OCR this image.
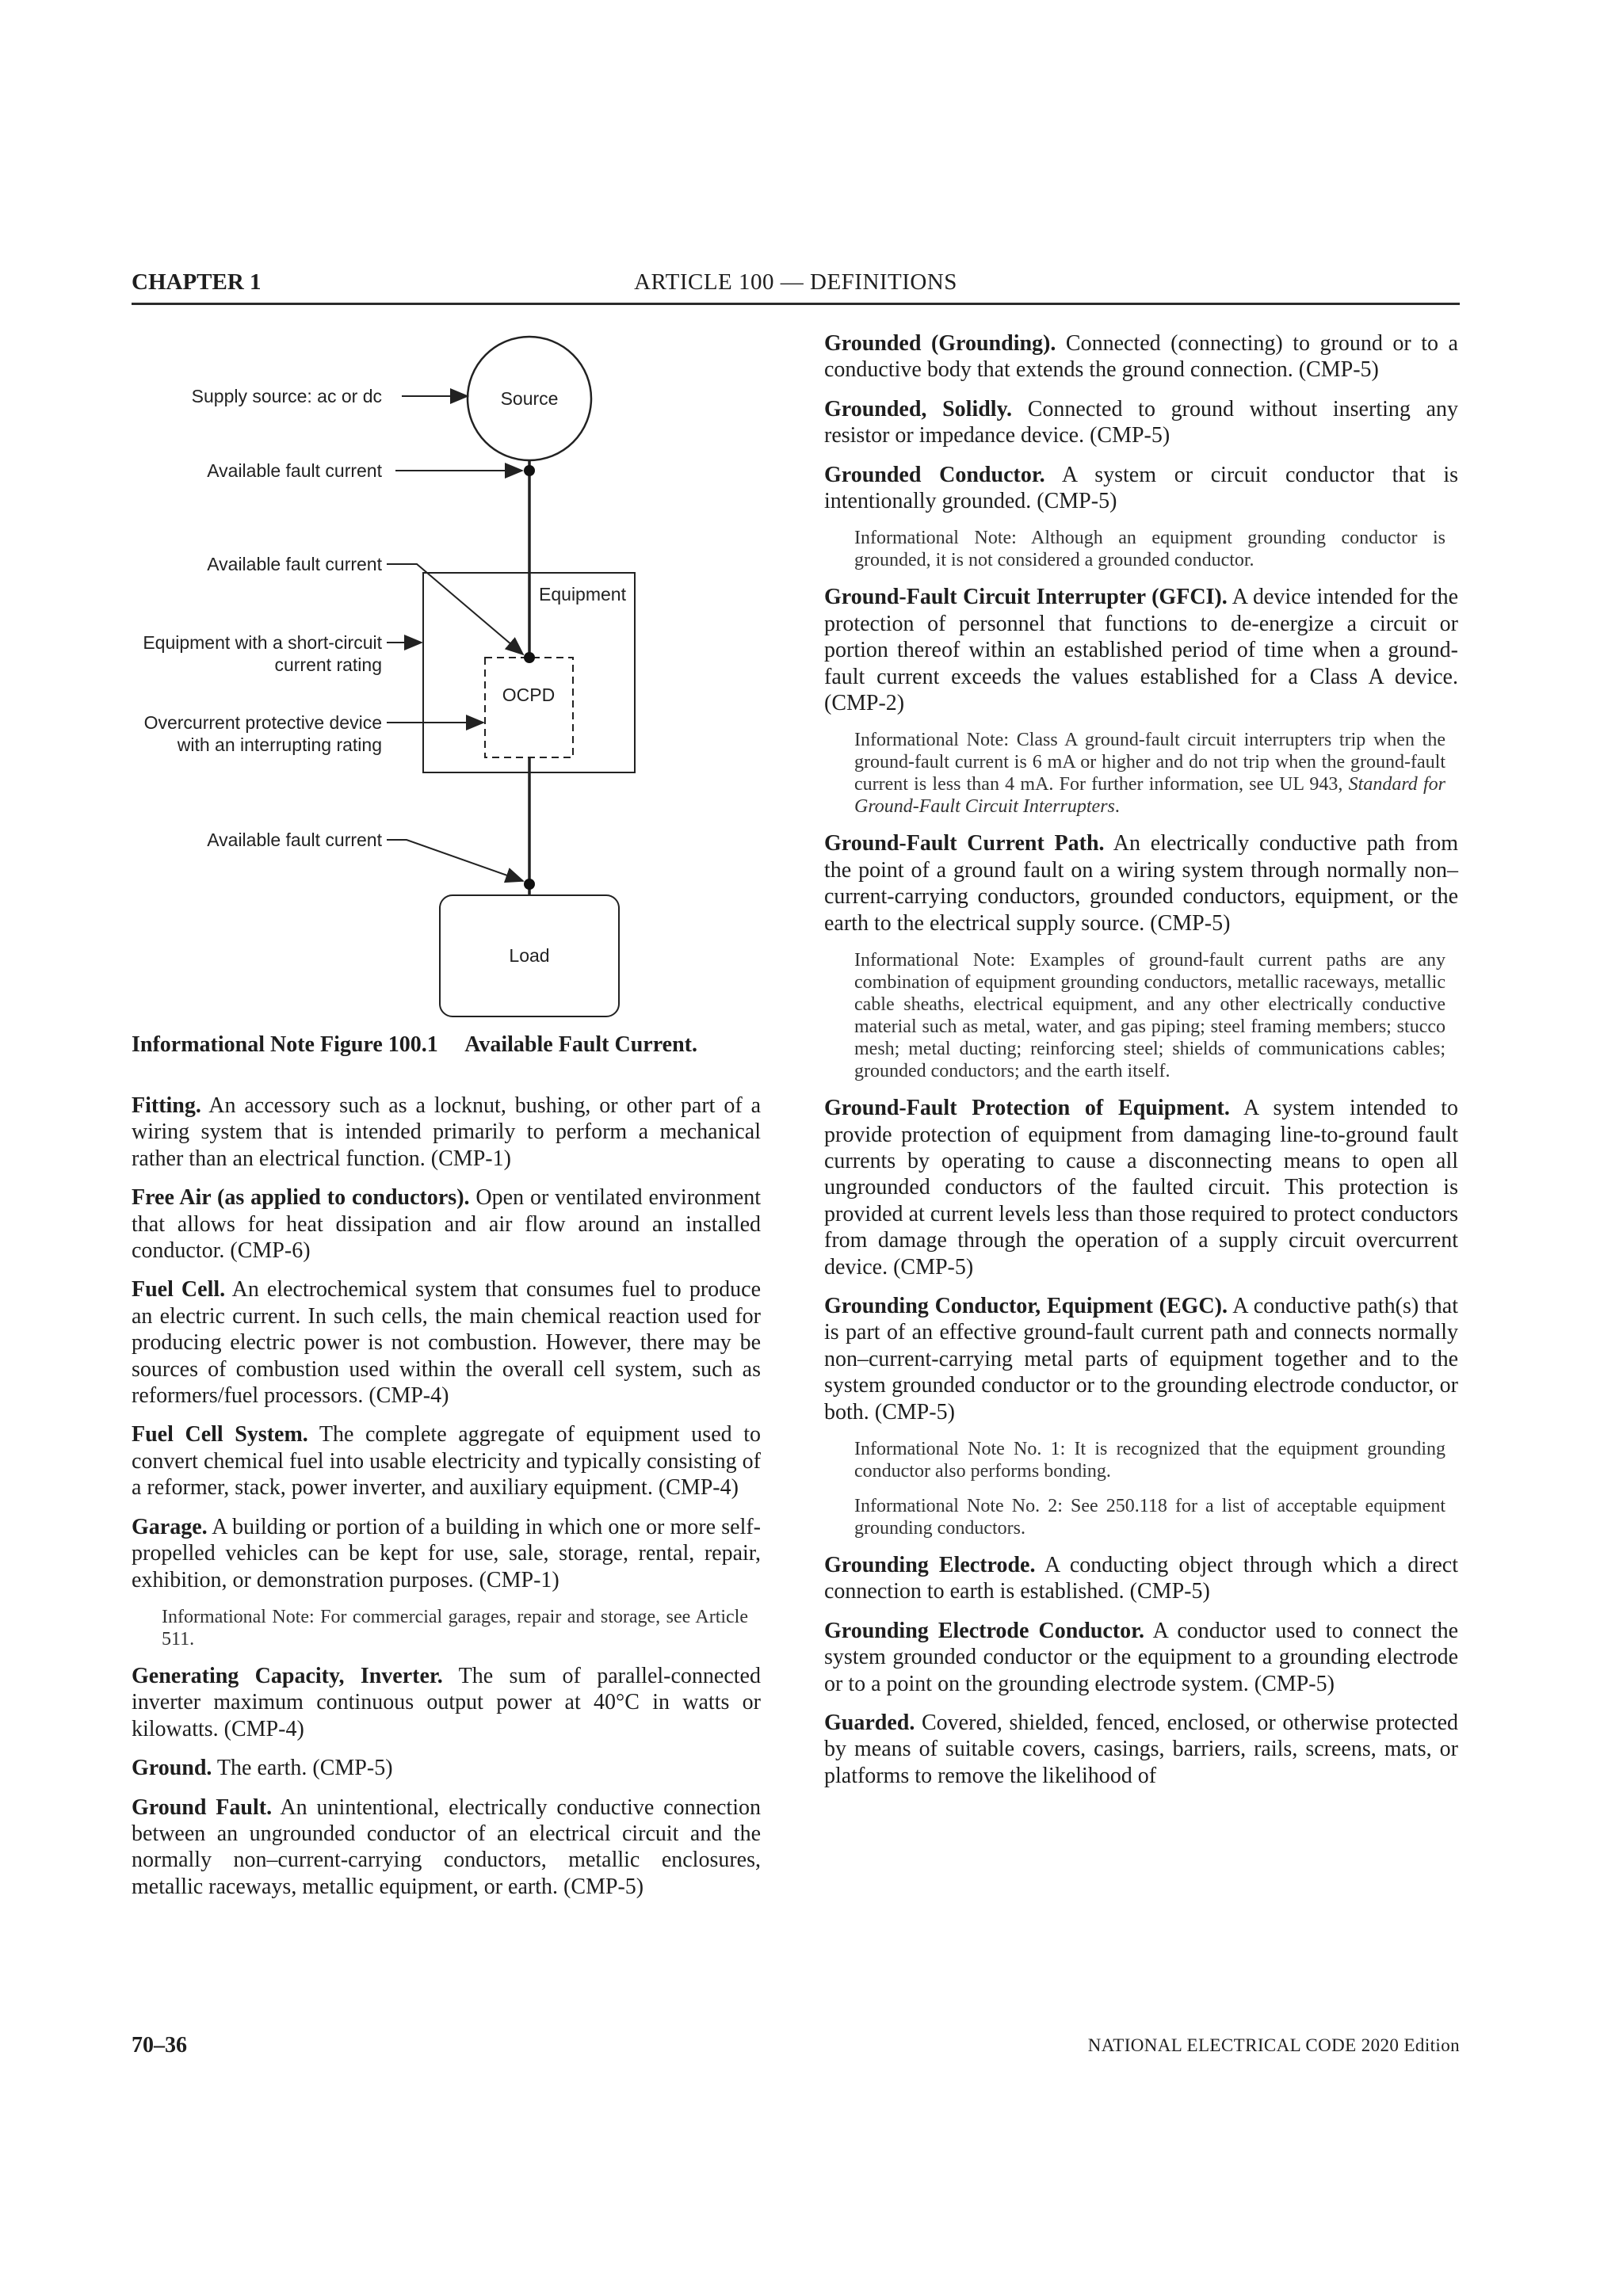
CHAPTER 1	ARTICLE 100 — DEFINITIONS
Source
Equipment
OCPD
Load
Supply source: ac or dc
Available fault current
Available fault current
Equipment with a short-circuit
current rating
Overcurrent protective device
with an interrupting rating
Available fault current
Informational Note Figure 100.1     Available Fault Current.

Fitting. An accessory such as a locknut, bushing, or other part of a wiring system that is intended primarily to perform a mechanical rather than an electrical function. (CMP-1)

Free Air (as applied to conductors). Open or ventilated environment that allows for heat dissipation and air flow around an installed conductor. (CMP-6)

Fuel Cell. An electrochemical system that consumes fuel to produce an electric current. In such cells, the main chemical reaction used for producing electric power is not combustion. However, there may be sources of combustion used within the overall cell system, such as reformers/fuel processors. (CMP-4)

Fuel Cell System. The complete aggregate of equipment used to convert chemical fuel into usable electricity and typically consisting of a reformer, stack, power inverter, and auxiliary equipment. (CMP-4)

Garage. A building or portion of a building in which one or more self-propelled vehicles can be kept for use, sale, storage, rental, repair, exhibition, or demonstration purposes. (CMP-1)

Informational Note: For commercial garages, repair and storage, see Article 511.

Generating Capacity, Inverter. The sum of parallel-connected inverter maximum continuous output power at 40°C in watts or kilowatts. (CMP-4)

Ground. The earth. (CMP-5)

Ground Fault. An unintentional, electrically conductive connection between an ungrounded conductor of an electrical circuit and the normally non–current-carrying conductors, metallic enclosures, metallic raceways, metallic equipment, or earth. (CMP-5)

Grounded (Grounding). Connected (connecting) to ground or to a conductive body that extends the ground connection. (CMP-5)

Grounded, Solidly. Connected to ground without inserting any resistor or impedance device. (CMP-5)

Grounded Conductor. A system or circuit conductor that is intentionally grounded. (CMP-5)

Informational Note: Although an equipment grounding conductor is grounded, it is not considered a grounded conductor.

Ground-Fault Circuit Interrupter (GFCI). A device intended for the protection of personnel that functions to de-energize a circuit or portion thereof within an established period of time when a ground-fault current exceeds the values established for a Class A device. (CMP-2)

Informational Note: Class A ground-fault circuit interrupters trip when the ground-fault current is 6 mA or higher and do not trip when the ground-fault current is less than 4 mA. For further information, see UL 943, Standard for Ground-Fault Circuit Interrupters.

Ground-Fault Current Path. An electrically conductive path from the point of a ground fault on a wiring system through normally non–current-carrying conductors, grounded conductors, equipment, or the earth to the electrical supply source. (CMP-5)

Informational Note: Examples of ground-fault current paths are any combination of equipment grounding conductors, metallic raceways, metallic cable sheaths, electrical equipment, and any other electrically conductive material such as metal, water, and gas piping; steel framing members; stucco mesh; metal ducting; reinforcing steel; shields of communications cables; grounded conductors; and the earth itself.

Ground-Fault Protection of Equipment. A system intended to provide protection of equipment from damaging line-to-ground fault currents by operating to cause a disconnecting means to open all ungrounded conductors of the faulted circuit. This protection is provided at current levels less than those required to protect conductors from damage through the operation of a supply circuit overcurrent device. (CMP-5)

Grounding Conductor, Equipment (EGC). A conductive path(s) that is part of an effective ground-fault current path and connects normally non–current-carrying metal parts of equipment together and to the system grounded conductor or to the grounding electrode conductor, or both. (CMP-5)

Informational Note No. 1: It is recognized that the equipment grounding conductor also performs bonding.

Informational Note No. 2: See 250.118 for a list of acceptable equipment grounding conductors.

Grounding Electrode. A conducting object through which a direct connection to earth is established. (CMP-5)

Grounding Electrode Conductor. A conductor used to connect the system grounded conductor or the equipment to a grounding electrode or to a point on the grounding electrode system. (CMP-5)

Guarded. Covered, shielded, fenced, enclosed, or otherwise protected by means of suitable covers, casings, barriers, rails, screens, mats, or platforms to remove the likelihood of

70–36	NATIONAL ELECTRICAL CODE 2020 Edition
